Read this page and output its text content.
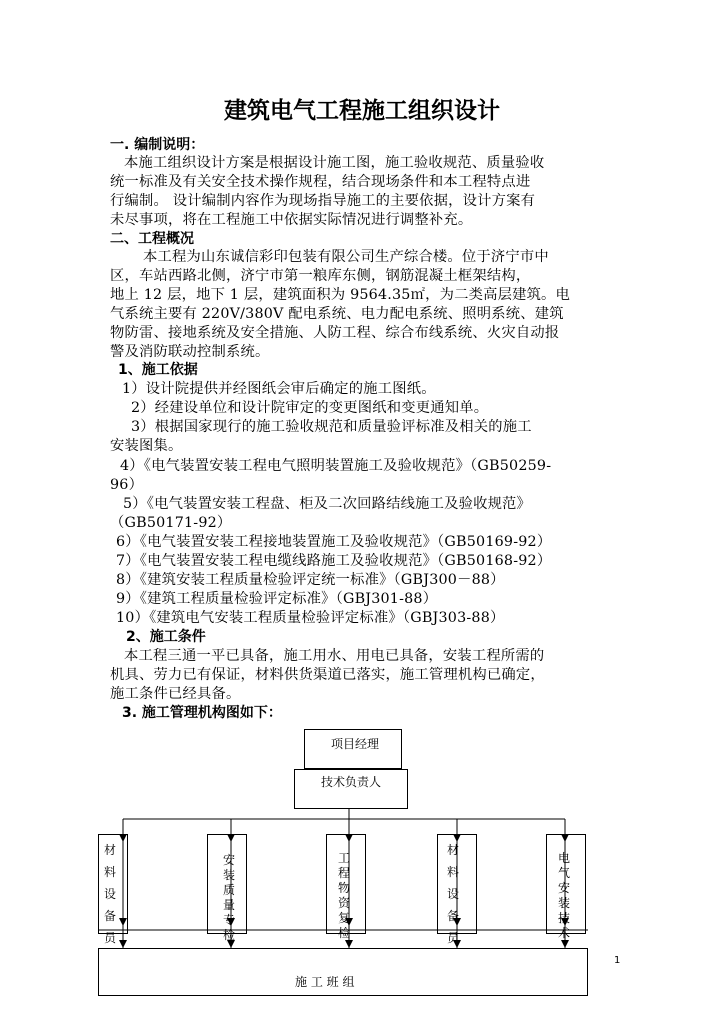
建筑电气工程施工组织设计
一. 编制说明：
本施工组织设计方案是根据设计施工图，施工验收规范、质量验收
统一标准及有关安全技术操作规程，结合现场条件和本工程特点进
行编制。 设计编制内容作为现场指导施工的主要依据，设计方案有
未尽事项，将在工程施工中依据实际情况进行调整补充。
二、工程概况
本工程为山东诚信彩印包装有限公司生产综合楼。位于济宁市中
区，车站西路北侧，济宁市第一粮库东侧，钢筋混凝土框架结构，
地上 12 层，地下 1 层，建筑面积为 9564.35㎡，为二类高层建筑。电
气系统主要有 220V/380V 配电系统、电力配电系统、照明系统、建筑
物防雷、接地系统及安全措施、人防工程、综合布线系统、火灾自动报
警及消防联动控制系统。
1、施工依据
1）设计院提供并经图纸会审后确定的施工图纸。
2）经建设单位和设计院审定的变更图纸和变更通知单。
3）根据国家现行的施工验收规范和质量验评标准及相关的施工
安装图集。
4）《电气装置安装工程电气照明装置施工及验收规范》（GB50259-
96）
5）《电气装置安装工程盘、柜及二次回路结线施工及验收规范》
（GB50171-92）
6）《电气装置安装工程接地装置施工及验收规范》（GB50169-92）
7）《电气装置安装工程电缆线路施工及验收规范》（GB50168-92）
8）《建筑安装工程质量检验评定统一标准》（GBJ300－88）
9）《建筑工程质量检验评定标准》（GBJ301-88）
10）《建筑电气安装工程质量检验评定标准》（GBJ303-88）
2、施工条件
本工程三通一平已具备，施工用水、用电已具备，安装工程所需的
机具、劳力已有保证，材料供货渠道已落实，施工管理机构已确定，
施工条件已经具备。
3. 施工管理机构图如下：
项目经理
技术负责人
材料设备员
安装质量专检
工程物资复检
材料设备员
电气安装技术
施 工 班 组
1
